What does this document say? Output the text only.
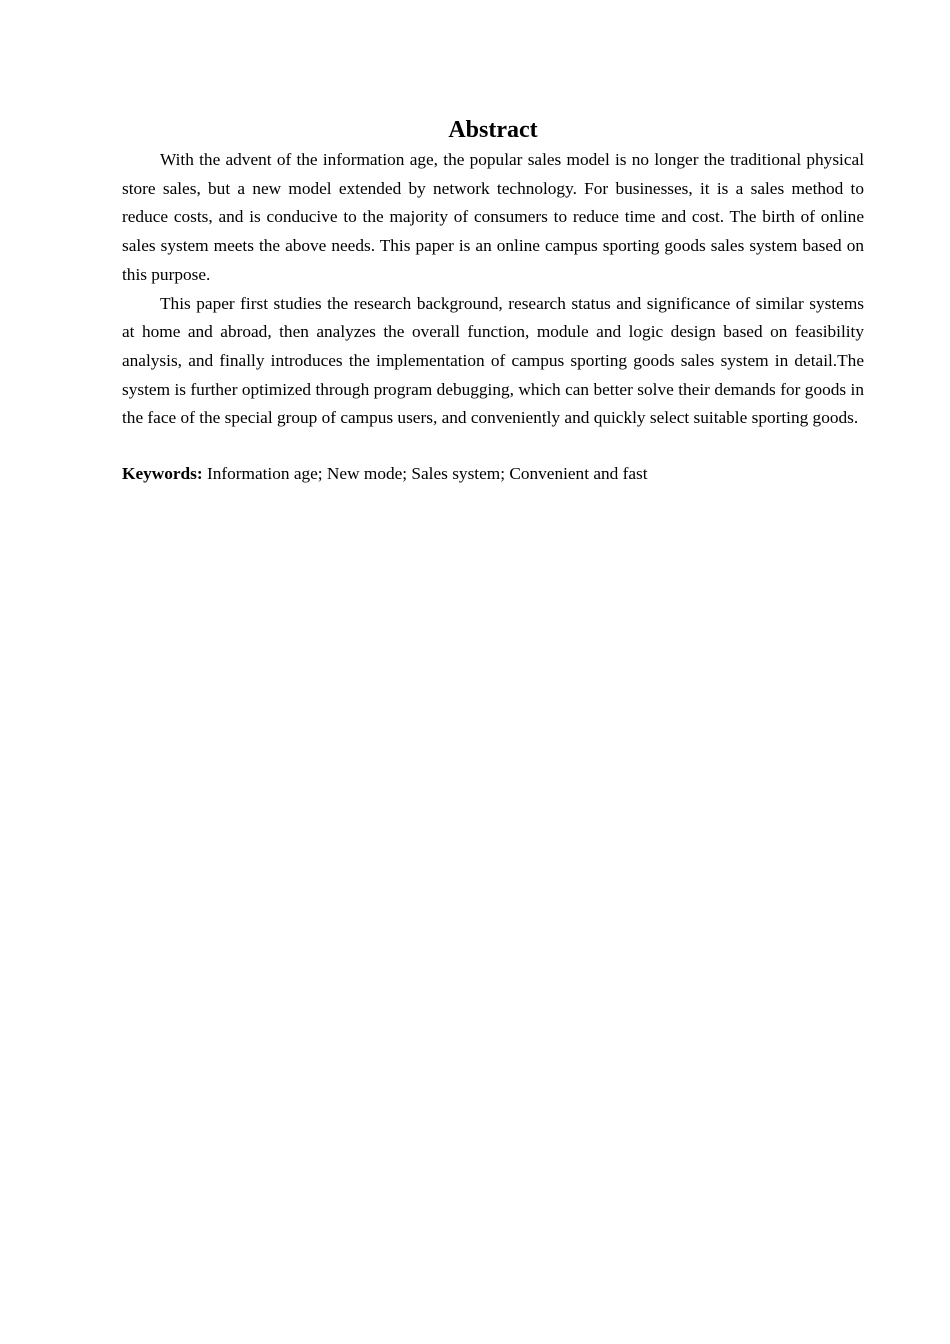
Abstract

With the advent of the information age, the popular sales model is no longer the traditional physical store sales, but a new model extended by network technology. For businesses, it is a sales method to reduce costs, and is conducive to the majority of consumers to reduce time and cost. The birth of online sales system meets the above needs. This paper is an online campus sporting goods sales system based on this purpose.

This paper first studies the research background, research status and significance of similar systems at home and abroad, then analyzes the overall function, module and logic design based on feasibility analysis, and finally introduces the implementation of campus sporting goods sales system in detail.The system is further optimized through program debugging, which can better solve their demands for goods in the face of the special group of campus users, and conveniently and quickly select suitable sporting goods.

Keywords: Information age; New mode; Sales system; Convenient and fast
